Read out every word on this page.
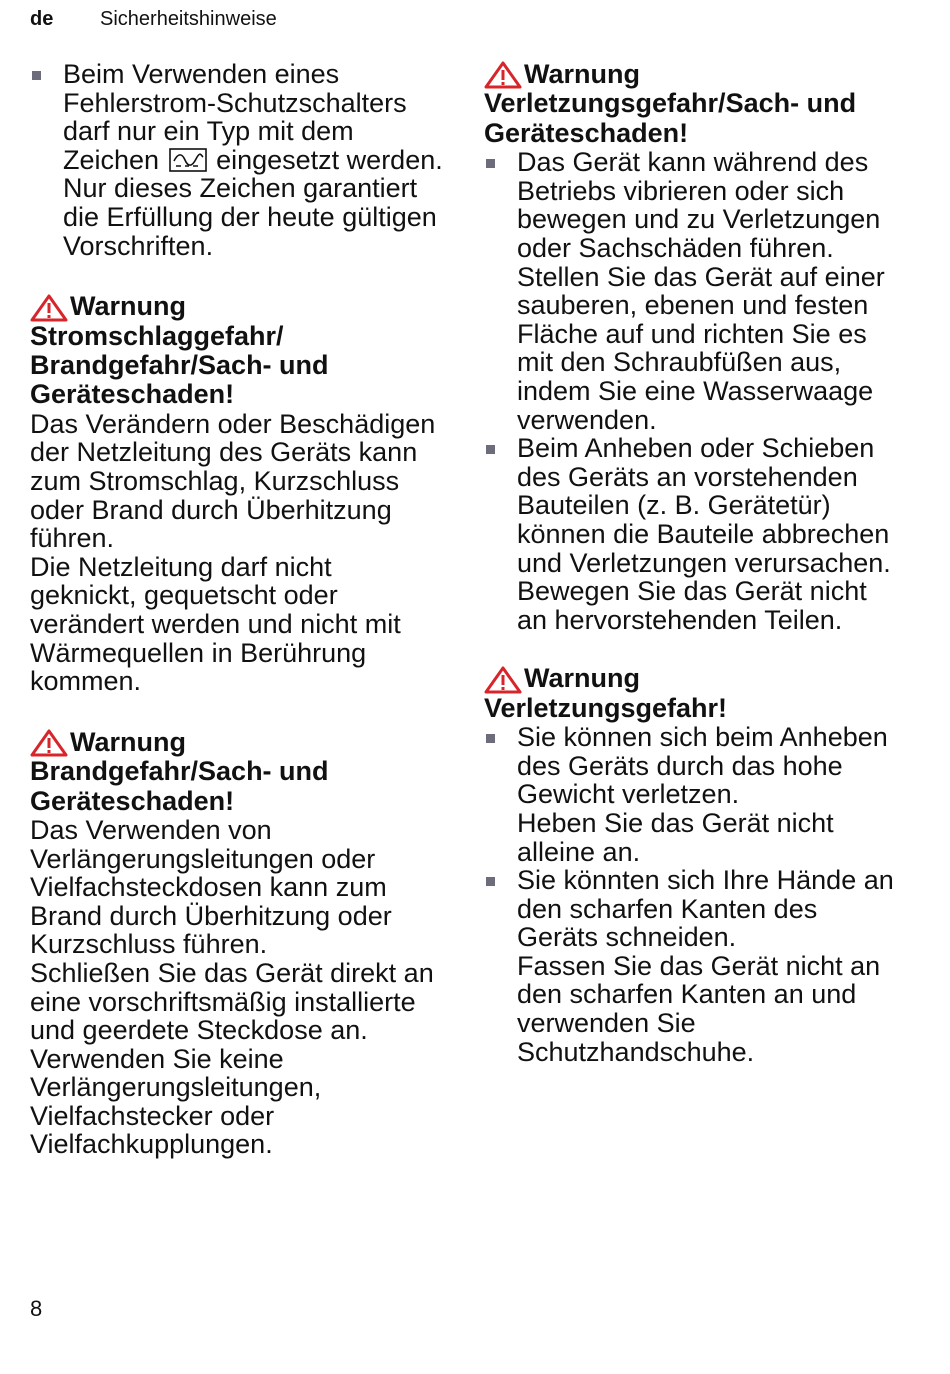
de Sicherheitshinweise

Beim Verwenden eines Fehlerstrom-Schutzschalters darf nur ein Typ mit dem Zeichen eingesetzt werden. Nur dieses Zeichen garantiert die Erfüllung der heute gültigen Vorschriften.

Warnung
Stromschlaggefahr/ Brandgefahr/Sach- und Geräteschaden!

Das Verändern oder Beschädigen der Netzleitung des Geräts kann zum Stromschlag, Kurzschluss oder Brand durch Überhitzung führen.

Die Netzleitung darf nicht geknickt, gequetscht oder verändert werden und nicht mit Wärmequellen in Berührung kommen.

Warnung
Brandgefahr/Sach- und Geräteschaden!

Das Verwenden von Verlängerungsleitungen oder Vielfachsteckdosen kann zum Brand durch Überhitzung oder Kurzschluss führen.

Schließen Sie das Gerät direkt an eine vorschriftsmäßig installierte und geerdete Steckdose an. Verwenden Sie keine Verlängerungsleitungen, Vielfachstecker oder Vielfachkupplungen.

Warnung
Verletzungsgefahr/Sach- und Geräteschaden!

Das Gerät kann während des Betriebs vibrieren oder sich bewegen und zu Verletzungen oder Sachschäden führen.

Stellen Sie das Gerät auf einer sauberen, ebenen und festen Fläche auf und richten Sie es mit den Schraubfüßen aus, indem Sie eine Wasserwaage verwenden.

Beim Anheben oder Schieben des Geräts an vorstehenden Bauteilen (z. B. Gerätetür) können die Bauteile abbrechen und Verletzungen verursachen.

Bewegen Sie das Gerät nicht an hervorstehenden Teilen.

Warnung
Verletzungsgefahr!

Sie können sich beim Anheben des Geräts durch das hohe Gewicht verletzen.

Heben Sie das Gerät nicht alleine an.

Sie könnten sich Ihre Hände an den scharfen Kanten des Geräts schneiden.

Fassen Sie das Gerät nicht an den scharfen Kanten an und verwenden Sie Schutzhandschuhe.

8
